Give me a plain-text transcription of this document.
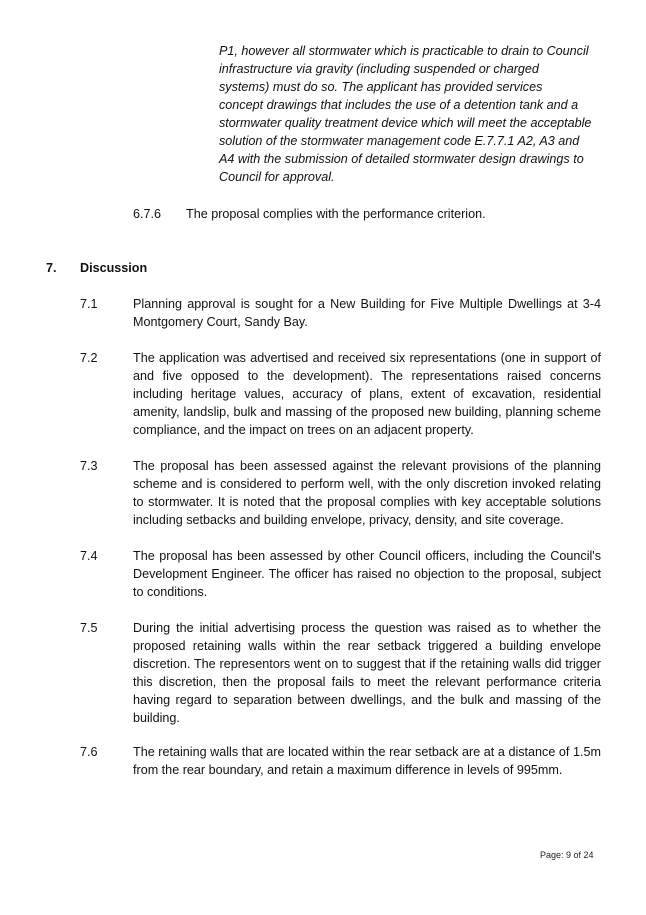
P1, however all stormwater which is practicable to drain to Council

infrastructure via gravity (including suspended or charged

systems) must do so. The applicant has provided services

concept drawings that includes the use of a detention tank and a

stormwater quality treatment device which will meet the acceptable

solution of the stormwater management code E.7.7.1 A2, A3 and

A4 with the submission of detailed stormwater design drawings to

Council for approval.

6.7.6 The proposal complies with the performance criterion.
7. Discussion
7.1	Planning approval is sought for a New Building for Five Multiple Dwellings at 3-4 Montgomery Court, Sandy Bay.
7.2	The application was advertised and received six representations (one in support of and five opposed to the development). The representations raised concerns including heritage values, accuracy of plans, extent of excavation, residential amenity, landslip, bulk and massing of the proposed new building, planning scheme compliance, and the impact on trees on an adjacent property.
7.3	The proposal has been assessed against the relevant provisions of the planning scheme and is considered to perform well, with the only discretion invoked relating to stormwater. It is noted that the proposal complies with key acceptable solutions including setbacks and building envelope, privacy, density, and site coverage.
7.4	The proposal has been assessed by other Council officers, including the Council's Development Engineer. The officer has raised no objection to the proposal, subject to conditions.
7.5	During the initial advertising process the question was raised as to whether the proposed retaining walls within the rear setback triggered a building envelope discretion. The representors went on to suggest that if the retaining walls did trigger this discretion, then the proposal fails to meet the relevant performance criteria having regard to separation between dwellings, and the bulk and massing of the building.
7.6	The retaining walls that are located within the rear setback are at a distance of 1.5m from the rear boundary, and retain a maximum difference in levels of 995mm.
Page: 9 of 24
